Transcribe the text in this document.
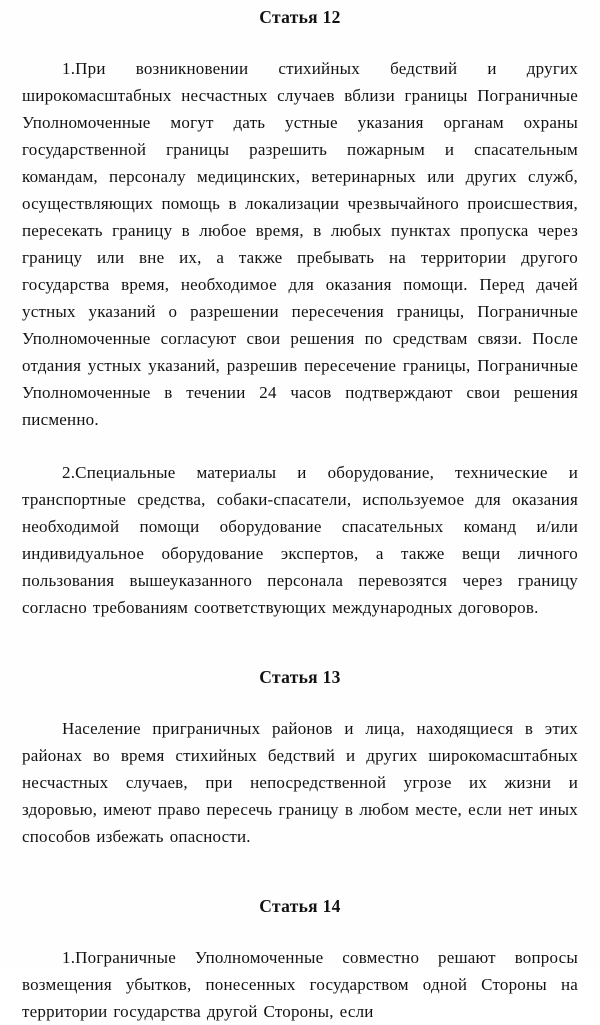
Статья 12

1.При возникновении стихийных бедствий и других широкомасштабных несчастных случаев вблизи границы Пограничные Уполномоченные могут дать устные указания органам охраны государственной границы разрешить пожарным и спасательным командам, персоналу медицинских, ветеринарных или других служб, осуществляющих помощь в локализации чрезвычайного происшествия, пересекать границу в любое время, в любых пунктах пропуска через границу или вне их, а также пребывать на территории другого государства время, необходимое для оказания помощи. Перед дачей устных указаний о разрешении пересечения границы, Пограничные Уполномоченные согласуют свои решения по средствам связи. После отдания устных указаний, разрешив пересечение границы, Пограничные Уполномоченные в течении 24 часов подтверждают свои решения писменно.

2.Специальные материалы и оборудование, технические и транспортные средства, собаки-спасатели, используемое для оказания необходимой помощи оборудование спасательных команд и/или индивидуальное оборудование экспертов, а также вещи личного пользования вышеуказанного персонала перевозятся через границу согласно требованиям соответствующих международных договоров.

Статья 13

Население приграничных районов и лица, находящиеся в этих районах во время стихийных бедствий и других широкомасштабных несчастных случаев, при непосредственной угрозе их жизни и здоровью, имеют право пересечь границу в любом месте, если нет иных способов избежать опасности.

Статья 14

1.Пограничные Уполномоченные совместно решают вопросы возмещения убытков, понесенных государством одной Стороны на территории государства другой Стороны, если
